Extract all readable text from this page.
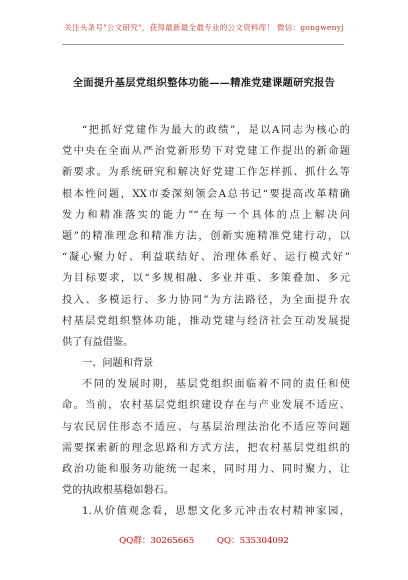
关注头条号"公文研究"，获得最新最全最专业的公文资料库！ 微信：gongwenyj
全面提升基层党组织整体功能——精准党建课题研究报告
“把抓好党建作为最大的政绩”，是以A同志为核心的
党中央在全面从严治党新形势下对党建工作提出的新命题
新要求。为系统研究和解决好党建工作怎样抓、抓什么等
根本性问题，XX市委深刻领会A总书记“要提高改革精确
发力和精准落实的能力”“在每一个具体的点上解决问
题”的精准理念和精准方法，创新实施精准党建行动，以
“凝心聚力好、利益联结好、治理体系好、运行模式好”
为目标要求，以“多规相融、多业并重、多策叠加、多元
投入、多模运行、多力协同”为方法路径，为全面提升农
村基层党组织整体功能，推动党建与经济社会互动发展提
供了有益借鉴。
一、问题和背景
不同的发展时期，基层党组织面临着不同的责任和使
命。当前，农村基层党组织建设存在与产业发展不适应、
与农民居住形态不适应、与基层治理法治化不适应等问题
需要探索新的理念思路和方式方法，把农村基层党组织的
政治功能和服务功能统一起来，同时用力、同时聚力，让
党的执政根基稳如磐石。
1.从价值观念看，思想文化多元冲击农村精神家园，
QQ群：30265665	QQ：535304092
